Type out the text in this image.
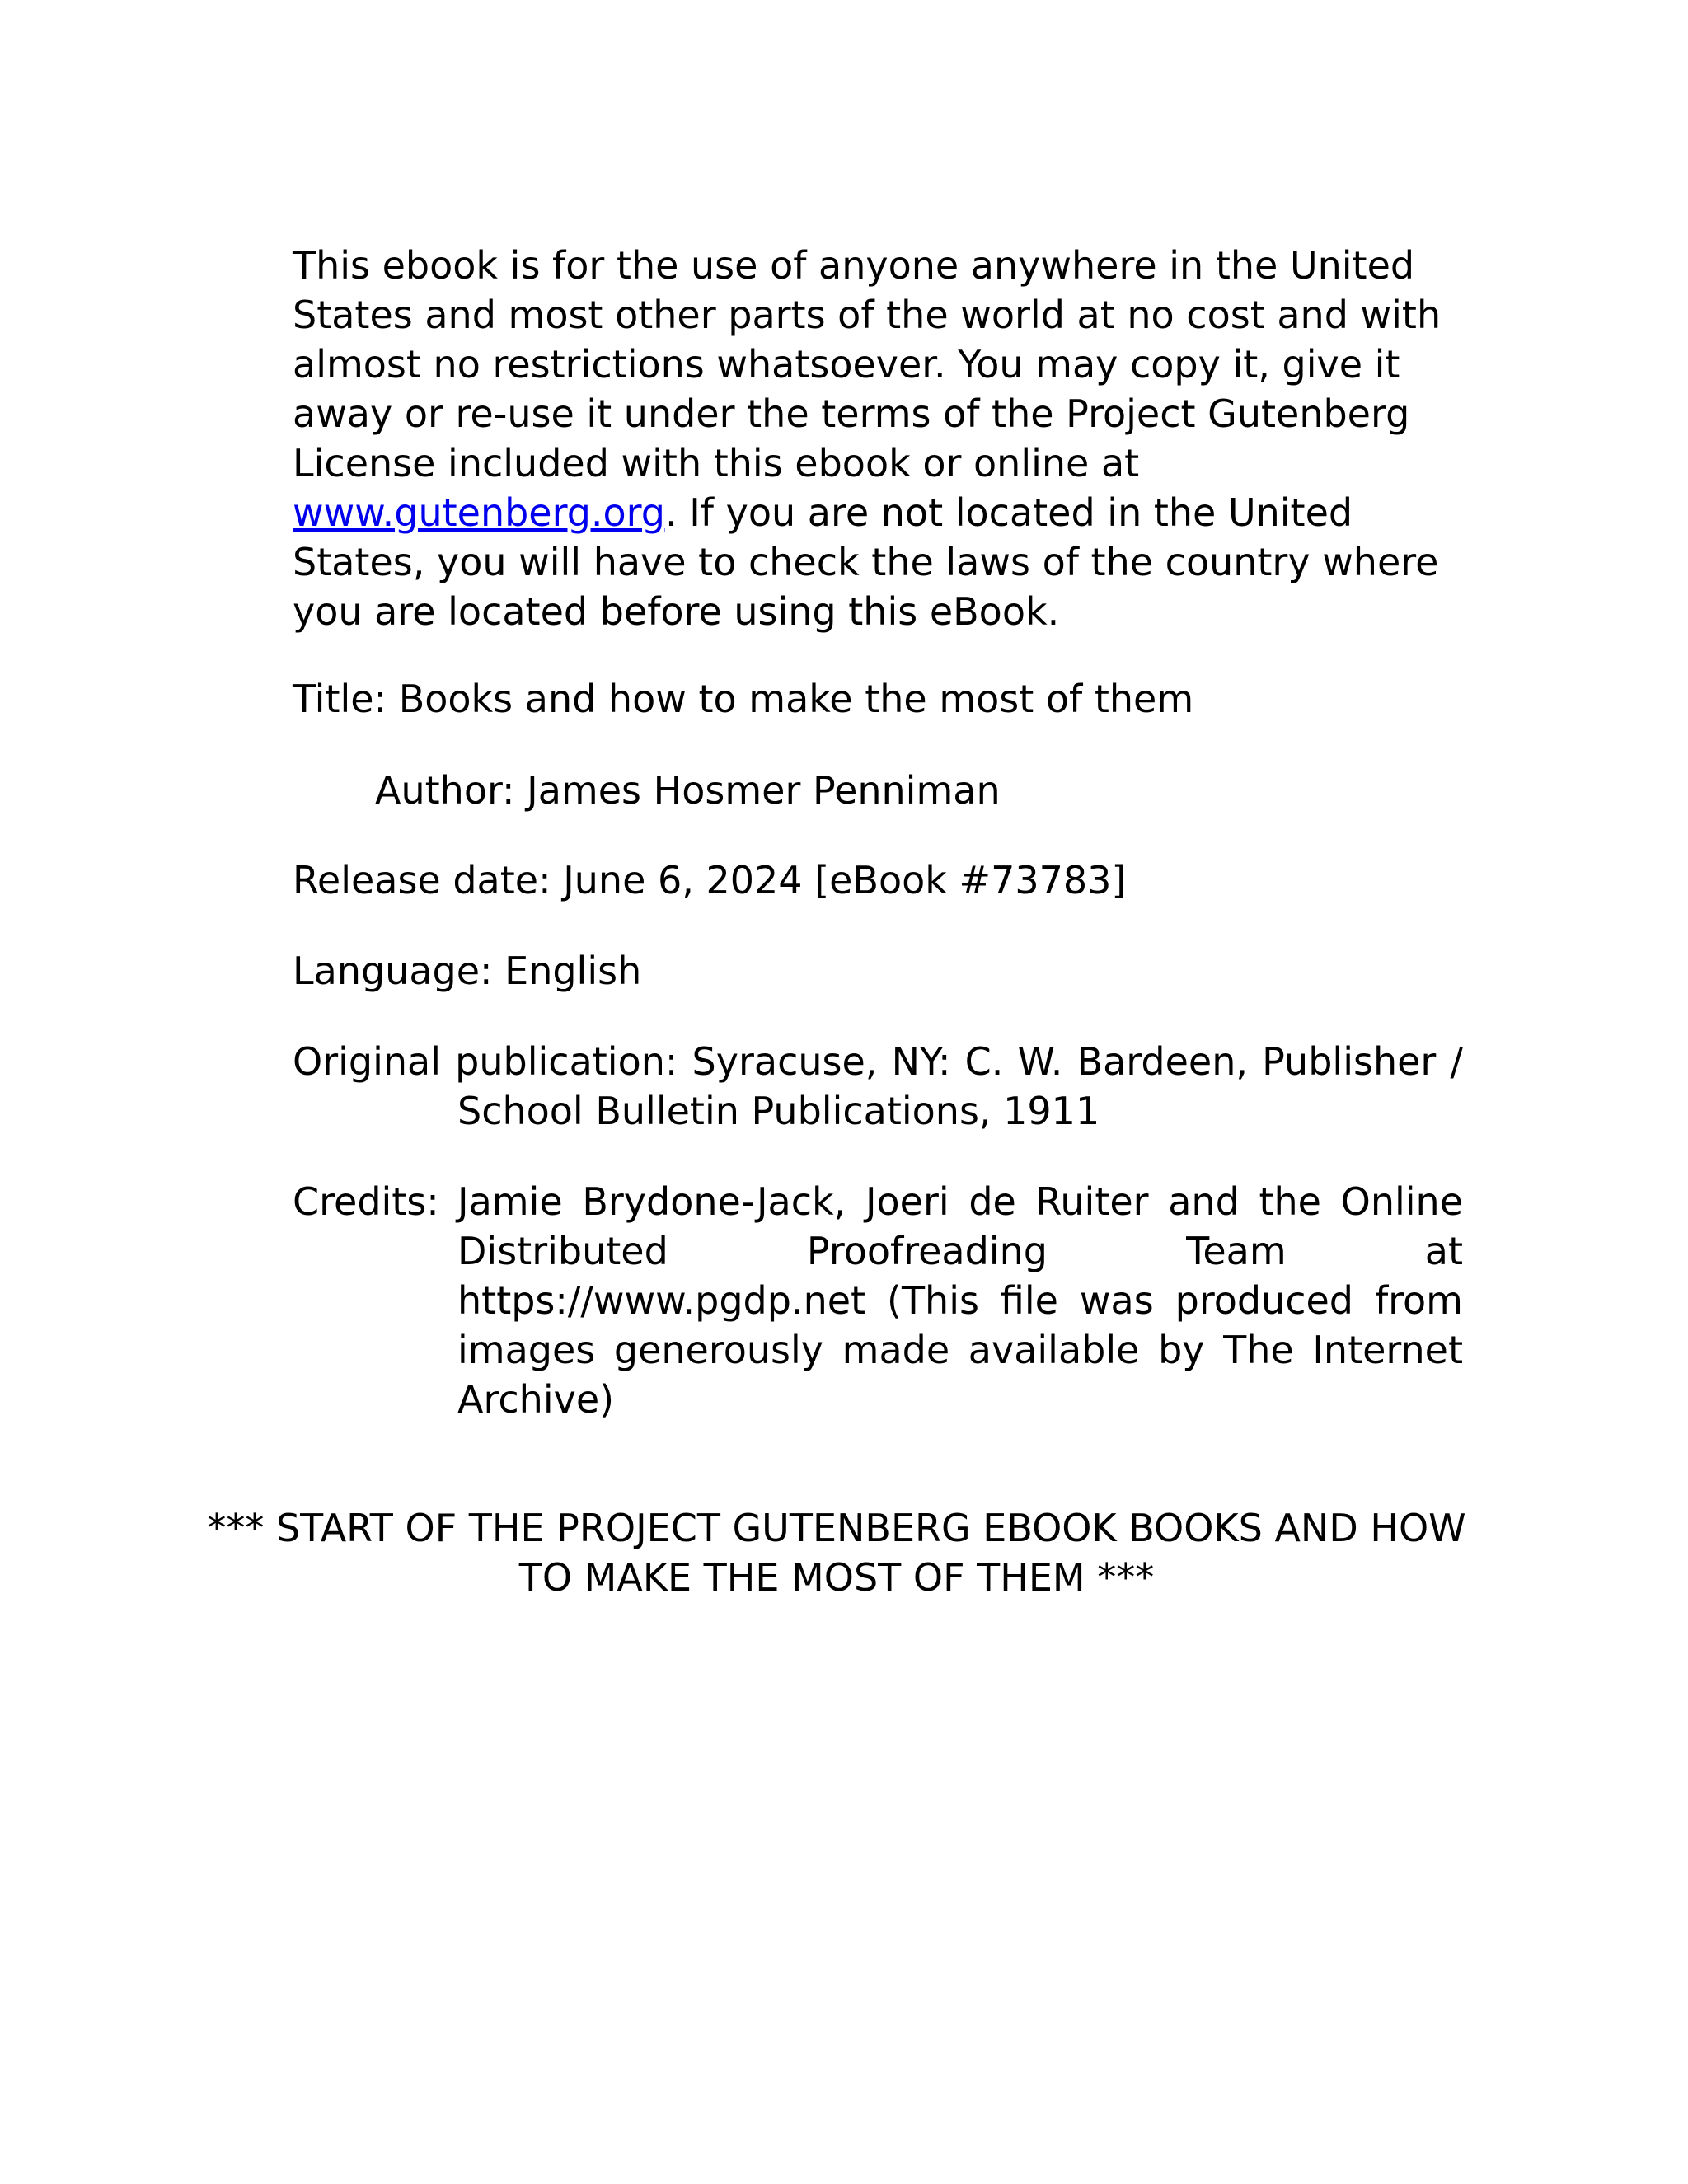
This ebook is for the use of anyone anywhere in the United States and most other parts of the world at no cost and with almost no restrictions whatsoever. You may copy it, give it away or re-use it under the terms of the Project Gutenberg License included with this ebook or online at www.gutenberg.org. If you are not located in the United States, you will have to check the laws of the country where you are located before using this eBook.

Title: Books and how to make the most of them

Author: James Hosmer Penniman

Release date: June 6, 2024 [eBook #73783]

Language: English

Original publication: Syracuse, NY: C. W. Bardeen, Publisher /
School Bulletin Publications, 1911
Credits: Jamie Brydone-Jack, Joeri de Ruiter and the Online Distributed Proofreading Team at https://www.pgdp.net (This file was produced from images generously made available by The Internet Archive)

*** START OF THE PROJECT GUTENBERG EBOOK BOOKS AND HOW TO MAKE THE MOST OF THEM ***
